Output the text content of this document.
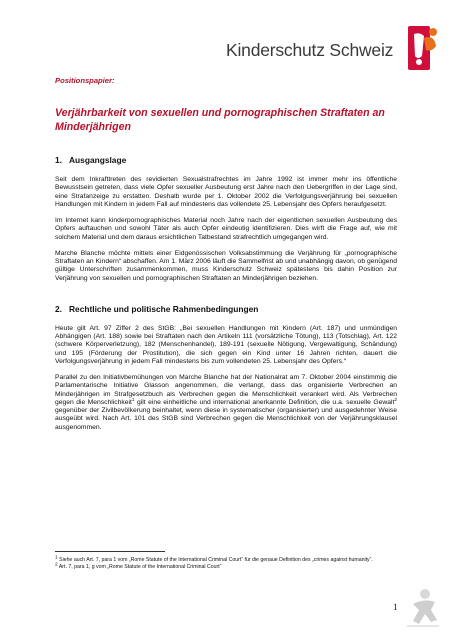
Kinderschutz Schweiz

Positionspapier:

Verjährbarkeit von sexuellen und pornographischen Straftaten an Minderjährigen

1. Ausgangslage

Seit dem Inkrafttreten des revidierten Sexualstrafrechtes im Jahre 1992 ist immer mehr ins öffentliche Bewusstsein getreten, dass viele Opfer sexueller Ausbeutung erst Jahre nach den Uebergriffen in der Lage sind, eine Strafanzeige zu erstatten. Deshalb wurde per 1. Oktober 2002 die Verfolgungsverjährung bei sexuellen Handlungen mit Kindern in jedem Fall auf mindestens das vollendete 25. Lebensjahr des Opfers heraufgesetzt.

Im Internet kann kinderpornographisches Material noch Jahre nach der eigentlichen sexuellen Ausbeutung des Opfers auftauchen und sowohl Täter als auch Opfer eindeutig identifizieren. Dies wirft die Frage auf, wie mit solchem Material und dem daraus ersichtlichen Tatbestand strafrechtlich umgegangen wird.

Marche Blanche möchte mittels einer Eidgenössischen Volksabstimmung die Verjährung für „pornographische Straftaten an Kindern“ abschaffen. Am 1. März 2006 läuft die Sammelfrist ab und unabhängig davon, ob genügend gültige Unterschriften zusammenkommen, muss Kinderschutz Schweiz spätestens bis dahin Position zur Verjährung von sexuellen und pornographischen Straftaten an Minderjährigen beziehen.

2. Rechtliche und politische Rahmenbedingungen

Heute gilt Art. 97 Ziffer 2 des StGB: „Bei sexuellen Handlungen mit Kindern (Art. 187) und unmündigen Abhängigen (Art. 188) sowie bei Straftaten nach den Artikeln 111 (vorsätzliche Tötung), 113 (Totschlag), Art. 122 (schwere Körperverletzung), 182 (Menschenhandel), 189-191 (sexuelle Nötigung, Vergewaltigung, Schändung) und 195 (Förderung der Prostitution), die sich gegen ein Kind unter 16 Jahren richten, dauert die Verfolgungsverjährung in jedem Fall mindestens bis zum vollendeten 25. Lebensjahr des Opfers.“

Parallel zu den Initiativbemühungen von Marche Blanche hat der Nationalrat am 7. Oktober 2004 einstimmig die Parlamentarische Initiative Glasson angenommen, die verlangt, dass das organisierte Verbrechen an Minderjährigen im Strafgesetzbuch als Verbrechen gegen die Menschlichkeit verankert wird. Als Verbrechen gegen die Menschlichkeit$^1$ gilt eine einheitliche und international anerkannte Definition, die u.a. sexuelle Gewalt$^2$ gegenüber der Zivilbevölkerung beinhaltet, wenn diese in systematischer (organisierter) und ausgedehnter Weise ausgeübt wird. Nach Art. 101 des StGB sind Verbrechen gegen die Menschlichkeit von der Verjährungsklausel ausgenommen.

1 Siehe auch Art. 7, para 1 vom „Rome Statute of the International Criminal Court“ für die genaue Definition des „crimes against humanity“.

2 Art. 7, para 1, g vom „Rome Statute of the International Criminal Court“

1
